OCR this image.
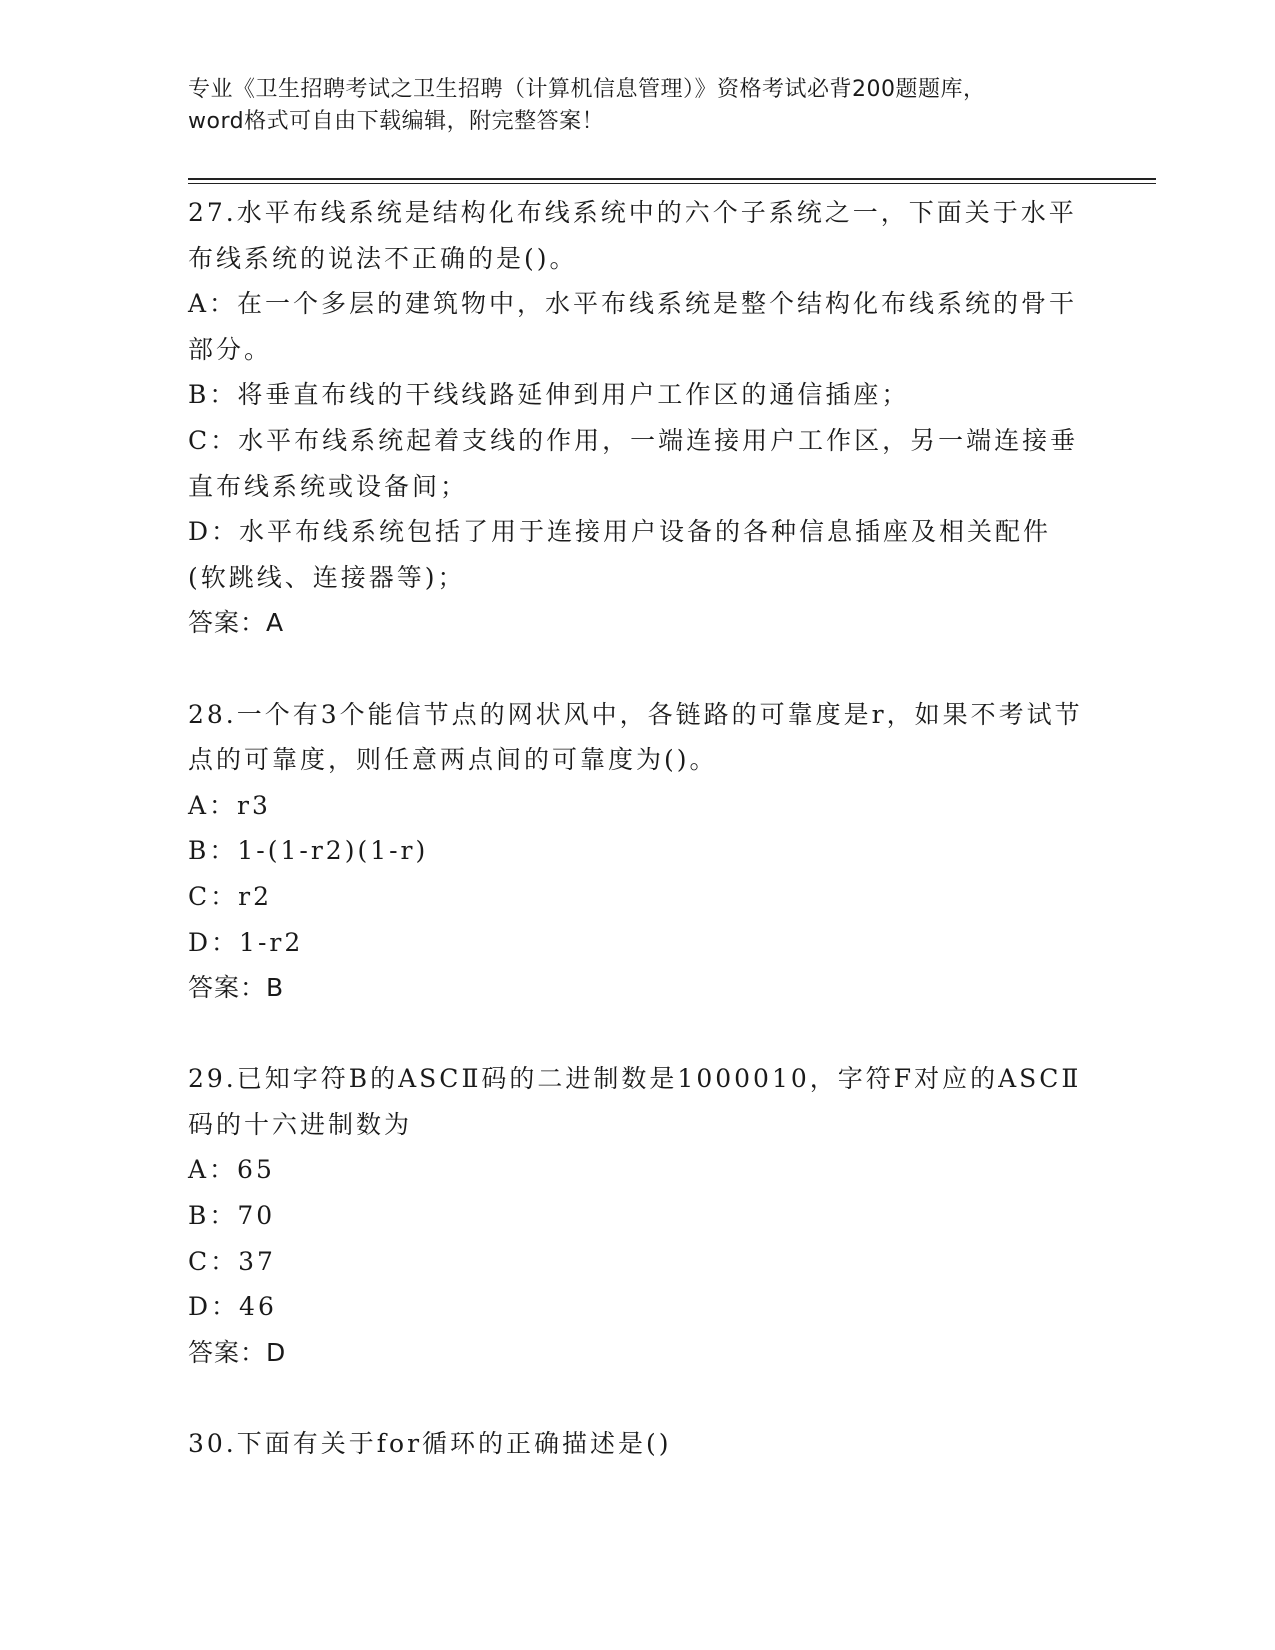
专业《卫生招聘考试之卫生招聘（计算机信息管理）》资格考试必背200题题库，
word格式可自由下载编辑，附完整答案！

27.水平布线系统是结构化布线系统中的六个子系统之一，下面关于水平布线系统的说法不正确的是()。

A：在一个多层的建筑物中，水平布线系统是整个结构化布线系统的骨干部分。

B：将垂直布线的干线线路延伸到用户工作区的通信插座；

C：水平布线系统起着支线的作用，一端连接用户工作区，另一端连接垂直布线系统或设备间；

D：水平布线系统包括了用于连接用户设备的各种信息插座及相关配件(软跳线、连接器等)；

答案：A

28.一个有3个能信节点的网状风中，各链路的可靠度是r，如果不考试节点的可靠度，则任意两点间的可靠度为()。

A：r3

B：1-(1-r2)(1-r)

C：r2

D：1-r2

答案：B

29.已知字符B的ASCⅡ码的二进制数是1000010，字符F对应的ASCⅡ码的十六进制数为

A：65

B：70

C：37

D：46

答案：D

30.下面有关于for循环的正确描述是()
